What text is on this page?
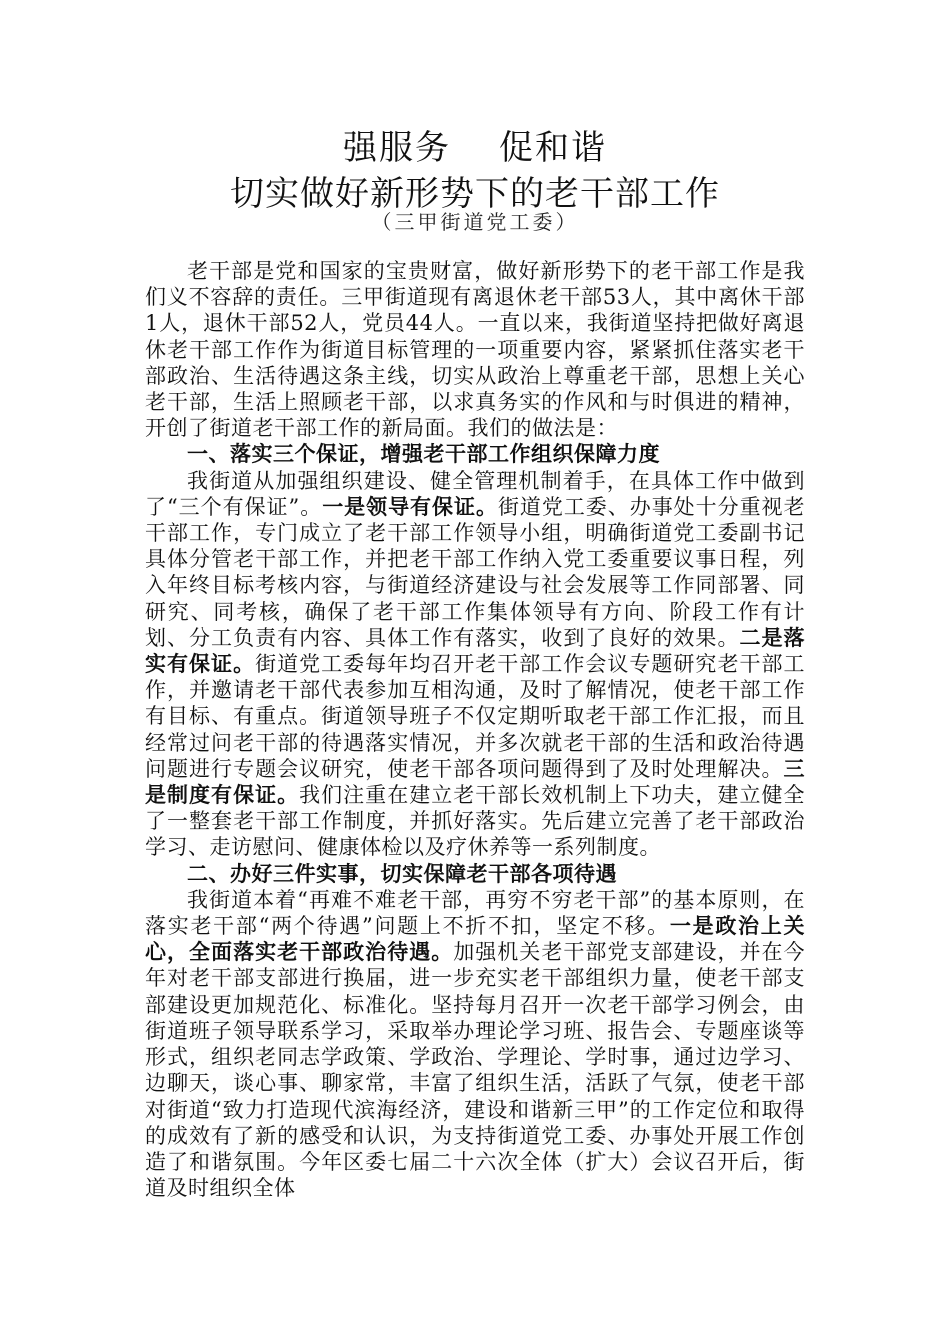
强服务 促和谐
切实做好新形势下的老干部工作
（三甲街道党工委）

老干部是党和国家的宝贵财富，做好新形势下的老干部工作是我们义不容辞的责任。三甲街道现有离退休老干部53人，其中离休干部1人，退休干部52人，党员44人。一直以来，我街道坚持把做好离退休老干部工作作为街道目标管理的一项重要内容，紧紧抓住落实老干部政治、生活待遇这条主线，切实从政治上尊重老干部，思想上关心老干部，生活上照顾老干部，以求真务实的作风和与时俱进的精神，开创了街道老干部工作的新局面。我们的做法是：

一、落实三个保证，增强老干部工作组织保障力度

我街道从加强组织建设、健全管理机制着手，在具体工作中做到了“三个有保证”。一是领导有保证。街道党工委、办事处十分重视老干部工作，专门成立了老干部工作领导小组，明确街道党工委副书记具体分管老干部工作，并把老干部工作纳入党工委重要议事日程，列入年终目标考核内容，与街道经济建设与社会发展等工作同部署、同研究、同考核，确保了老干部工作集体领导有方向、阶段工作有计划、分工负责有内容、具体工作有落实，收到了良好的效果。二是落实有保证。街道党工委每年均召开老干部工作会议专题研究老干部工作，并邀请老干部代表参加互相沟通，及时了解情况，使老干部工作有目标、有重点。街道领导班子不仅定期听取老干部工作汇报，而且经常过问老干部的待遇落实情况，并多次就老干部的生活和政治待遇问题进行专题会议研究，使老干部各项问题得到了及时处理解决。三是制度有保证。我们注重在建立老干部长效机制上下功夫，建立健全了一整套老干部工作制度，并抓好落实。先后建立完善了老干部政治学习、走访慰问、健康体检以及疗休养等一系列制度。

二、办好三件实事，切实保障老干部各项待遇

我街道本着“再难不难老干部，再穷不穷老干部”的基本原则，在落实老干部“两个待遇”问题上不折不扣，坚定不移。一是政治上关心，全面落实老干部政治待遇。加强机关老干部党支部建设，并在今年对老干部支部进行换届，进一步充实老干部组织力量，使老干部支部建设更加规范化、标准化。坚持每月召开一次老干部学习例会，由街道班子领导联系学习，采取举办理论学习班、报告会、专题座谈等形式，组织老同志学政策、学政治、学理论、学时事，通过边学习、边聊天，谈心事、聊家常，丰富了组织生活，活跃了气氛，使老干部对街道“致力打造现代滨海经济，建设和谐新三甲”的工作定位和取得的成效有了新的感受和认识，为支持街道党工委、办事处开展工作创造了和谐氛围。今年区委七届二十六次全体（扩大）会议召开后，街道及时组织全体
